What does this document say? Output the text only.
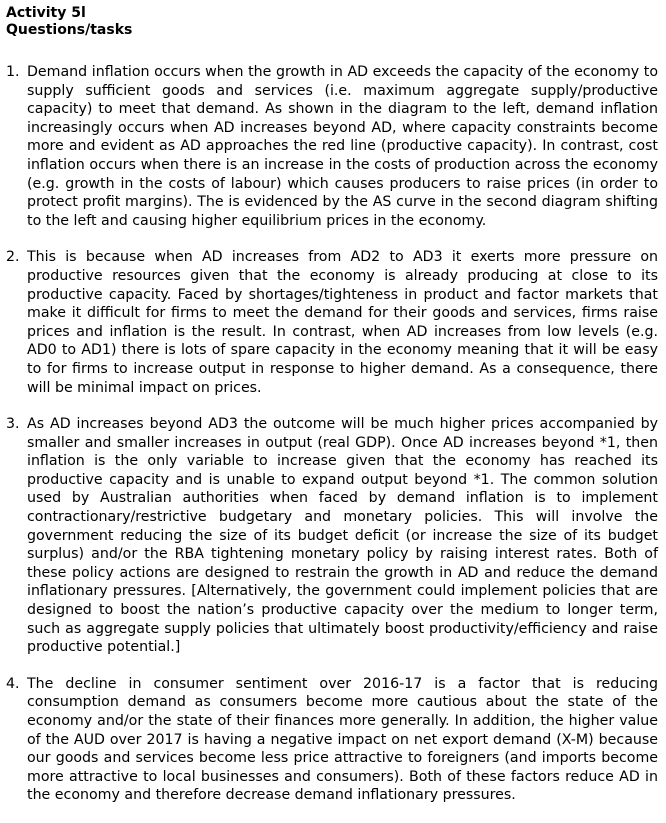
Activity 5l

Questions/tasks

1. Demand inflation occurs when the growth in AD exceeds the capacity of the economy to supply sufficient goods and services (i.e. maximum aggregate supply/productive capacity) to meet that demand. As shown in the diagram to the left, demand inflation increasingly occurs when AD increases beyond AD, where capacity constraints become more and evident as AD approaches the red line (productive capacity). In contrast, cost inflation occurs when there is an increase in the costs of production across the economy (e.g. growth in the costs of labour) which causes producers to raise prices (in order to protect profit margins). The is evidenced by the AS curve in the second diagram shifting to the left and causing higher equilibrium prices in the economy.
2. This is because when AD increases from AD2 to AD3 it exerts more pressure on productive resources given that the economy is already producing at close to its productive capacity. Faced by shortages/tighteness in product and factor markets that make it difficult for firms to meet the demand for their goods and services, firms raise prices and inflation is the result. In contrast, when AD increases from low levels (e.g. AD0 to AD1) there is lots of spare capacity in the economy meaning that it will be easy to for firms to increase output in response to higher demand. As a consequence, there will be minimal impact on prices.
3. As AD increases beyond AD3 the outcome will be much higher prices accompanied by smaller and smaller increases in output (real GDP). Once AD increases beyond *1, then inflation is the only variable to increase given that the economy has reached its productive capacity and is unable to expand output beyond *1. The common solution used by Australian authorities when faced by demand inflation is to implement contractionary/restrictive budgetary and monetary policies. This will involve the government reducing the size of its budget deficit (or increase the size of its budget surplus) and/or the RBA tightening monetary policy by raising interest rates. Both of these policy actions are designed to restrain the growth in AD and reduce the demand inflationary pressures. [Alternatively, the government could implement policies that are designed to boost the nation’s productive capacity over the medium to longer term, such as aggregate supply policies that ultimately boost productivity/efficiency and raise productive potential.]
4. The decline in consumer sentiment over 2016-17 is a factor that is reducing consumption demand as consumers become more cautious about the state of the economy and/or the state of their finances more generally. In addition, the higher value of the AUD over 2017 is having a negative impact on net export demand (X-M) because our goods and services become less price attractive to foreigners (and imports become more attractive to local businesses and consumers). Both of these factors reduce AD in the economy and therefore decrease demand inflationary pressures.
